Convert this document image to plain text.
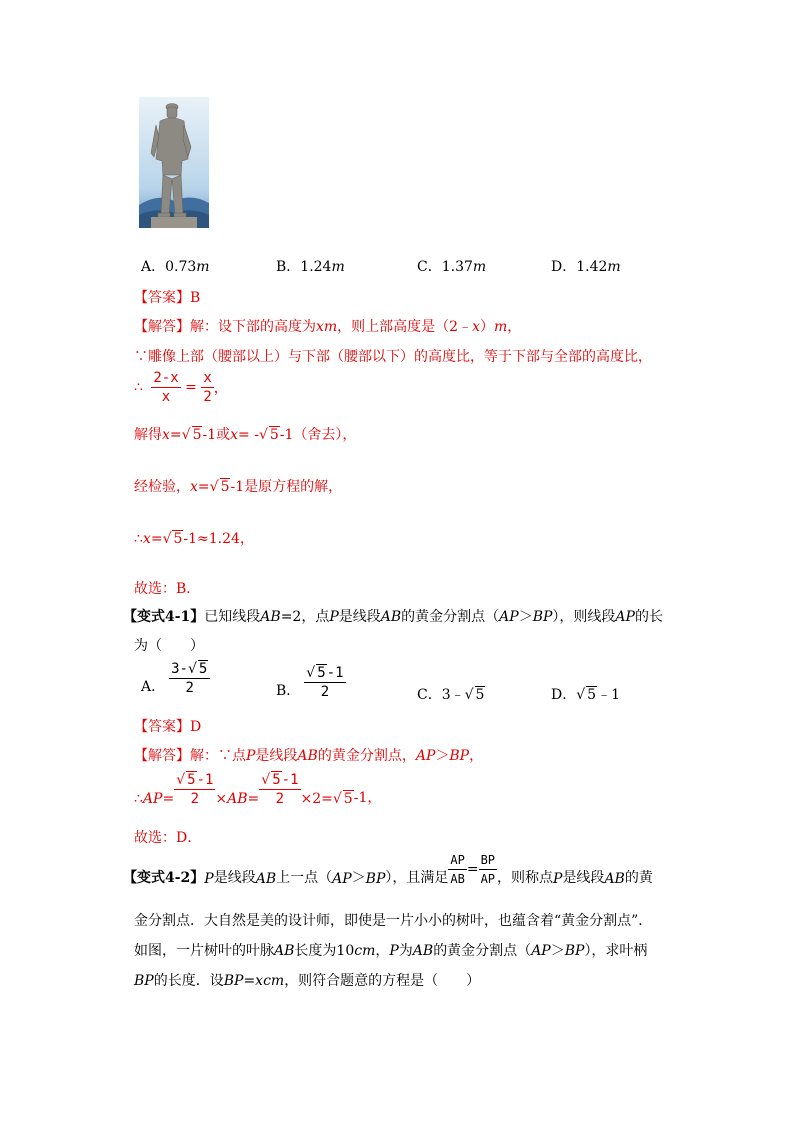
A．0.73m	B．1.24m	C．1.37m	D．1.42m
【答案】B
【解答】解：设下部的高度为xm，则上部高度是（2﹣x）m，
∵雕像上部（腰部以上）与下部（腰部以下）的高度比，等于下部与全部的高度比，
∴ $\frac{2-x}{x} = \frac{x}{2}$ ，
解得x=√ 5-1或x= -√ 5-1（舍去），
经检验，x=√ 5-1是原方程的解，
∴x=√ 5-1≈1.24，
故选：B．
【变式4-1】已知线段AB=2，点P是线段AB的黄金分割点（AP＞BP），则线段AP的长
为（　　）
A． $\frac{3-√ 5}{2}$	B． $\frac{√ 5-1}{2}$	C．3﹣√ 5	D．√ 5﹣1
【答案】D
【解答】解：∵点P是线段AB的黄金分割点，AP＞BP，
∴AP= $\frac{√ 5-1}{2} \times AB= \frac{√ 5-1}{2} \times 2=√$ 5-1，
故选：D．
【变式4-2】P是线段AB上一点（AP＞BP），且满足 $\frac{AP}{AB} = \frac{BP}{AP}$ ，则称点P是线段AB的黄
金分割点．大自然是美的设计师，即使是一片小小的树叶，也蕴含着“黄金分割点”．
如图，一片树叶的叶脉AB长度为10cm，P为AB的黄金分割点（AP＞BP），求叶柄
BP的长度．设BP=xcm，则符合题意的方程是（　　）
